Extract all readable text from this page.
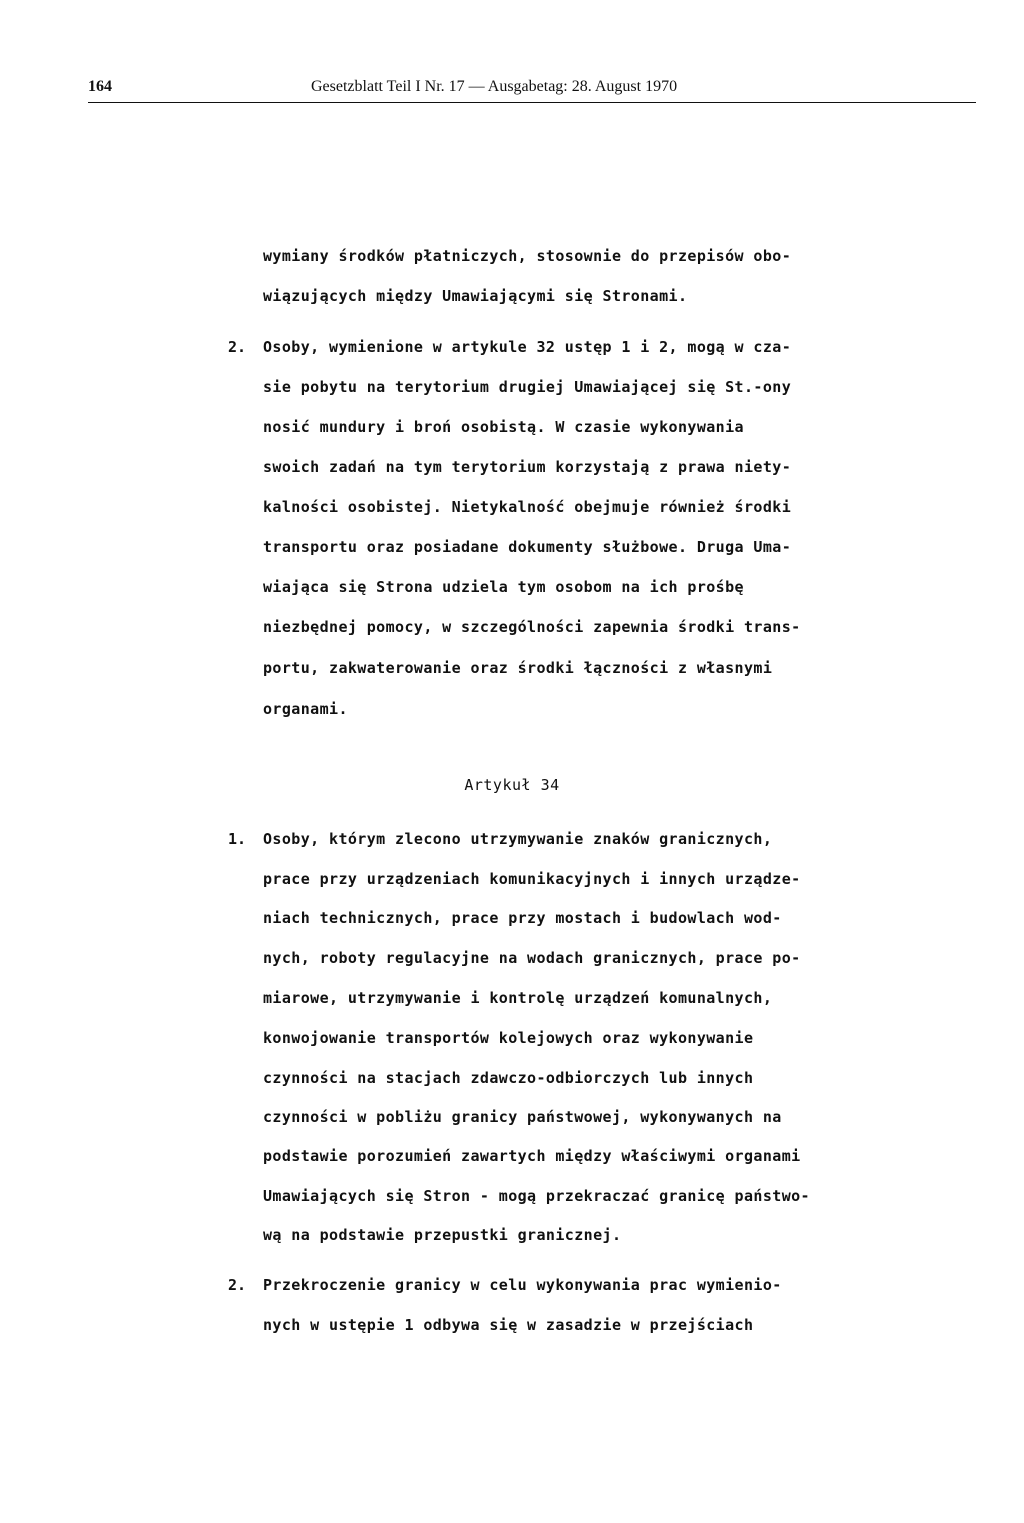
164	Gesetzblatt Teil I Nr. 17 — Ausgabetag: 28. August 1970
wymiany środków płatniczych, stosownie do przepisów obo-
wiązujących między Umawiającymi się Stronami.
2. Osoby, wymienione w artykule 32 ustęp 1 i 2, mogą w cza-
sie pobytu na terytorium drugiej Umawiającej się St.-ony
nosić mundury i broń osobistą. W czasie wykonywania
swoich zadań na tym terytorium korzystają z prawa niety-
kalności osobistej. Nietykalność obejmuje również środki
transportu oraz posiadane dokumenty służbowe. Druga Uma-
wiająca się Strona udziela tym osobom na ich prośbę
niezbędnej pomocy, w szczególności zapewnia środki trans-
portu, zakwaterowanie oraz środki łączności z własnymi
organami.
Artykuł 34
1. Osoby, którym zlecono utrzymywanie znaków granicznych,
prace przy urządzeniach komunikacyjnych i innych urządze-
niach technicznych, prace przy mostach i budowlach wod-
nych, roboty regulacyjne na wodach granicznych, prace po-
miarowe, utrzymywanie i kontrolę urządzeń komunalnych,
konwojowanie transportów kolejowych oraz wykonywanie
czynności na stacjach zdawczo-odbiorczych lub innych
czynności w pobliżu granicy państwowej, wykonywanych na
podstawie porozumień zawartych między właściwymi organami
Umawiających się Stron - mogą przekraczać granicę państwo-
wą na podstawie przepustki granicznej.
2. Przekroczenie granicy w celu wykonywania prac wymienio-
nych w ustępie 1 odbywa się w zasadzie w przejściach
